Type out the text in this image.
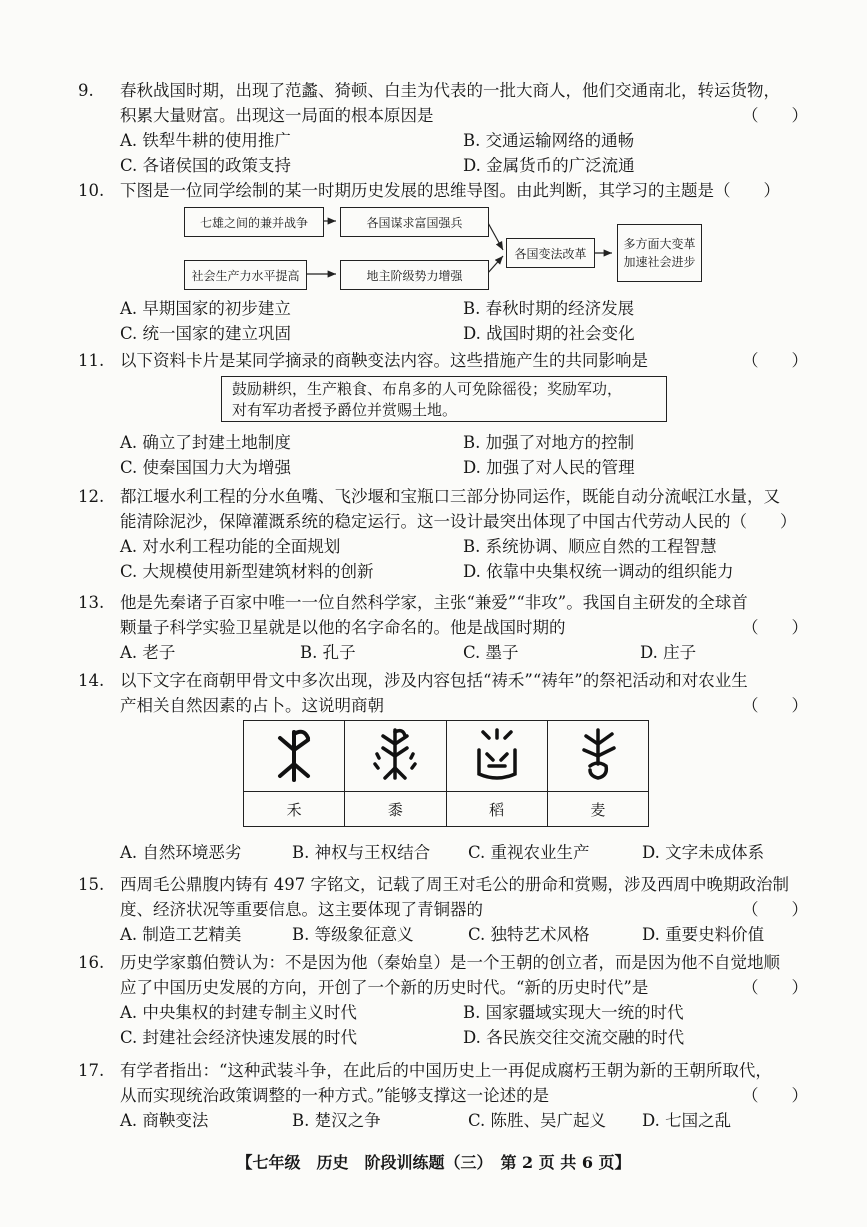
9.	春秋战国时期，出现了范蠡、猗顿、白圭为代表的一批大商人，他们交通南北，转运货物，
积累大量财富。出现这一局面的根本原因是	（　　）
A. 铁犁牛耕的使用推广	B. 交通运输网络的通畅
C. 各诸侯国的政策支持	D. 金属货币的广泛流通
10. 下图是一位同学绘制的某一时期历史发展的思维导图。由此判断，其学习的主题是（　　）
七雄之间的兼并战争	各国谋求富国强兵
社会生产力水平提高	地主阶级势力增强
各国变法改革
多方面大变革
加速社会进步
A. 早期国家的初步建立	B. 春秋时期的经济发展
C. 统一国家的建立巩固	D. 战国时期的社会变化
11. 以下资料卡片是某同学摘录的商鞅变法内容。这些措施产生的共同影响是	（　　）
鼓励耕织，生产粮食、布帛多的人可免除徭役；奖励军功，
对有军功者授予爵位并赏赐土地。
A. 确立了封建土地制度	B. 加强了对地方的控制
C. 使秦国国力大为增强	D. 加强了对人民的管理
12. 都江堰水利工程的分水鱼嘴、飞沙堰和宝瓶口三部分协同运作，既能自动分流岷江水量，又
能清除泥沙，保障灌溉系统的稳定运行。这一设计最突出体现了中国古代劳动人民的（　　）
A. 对水利工程功能的全面规划	B. 系统协调、顺应自然的工程智慧
C. 大规模使用新型建筑材料的创新	D. 依靠中央集权统一调动的组织能力
13. 他是先秦诸子百家中唯一一位自然科学家，主张“兼爱”“非攻”。我国自主研发的全球首
颗量子科学实验卫星就是以他的名字命名的。他是战国时期的	（　　）
A. 老子	B. 孔子	C. 墨子	D. 庄子
14. 以下文字在商朝甲骨文中多次出现，涉及内容包括“祷禾”“祷年”的祭祀活动和对农业生
产相关自然因素的占卜。这说明商朝	（　　）

禾	黍	稻	麦
A. 自然环境恶劣	B. 神权与王权结合 C. 重视农业生产	D. 文字未成体系
15. 西周毛公鼎腹内铸有 497 字铭文，记载了周王对毛公的册命和赏赐，涉及西周中晚期政治制
度、经济状况等重要信息。这主要体现了青铜器的	（　　）
A. 制造工艺精美	B. 等级象征意义	C. 独特艺术风格	D. 重要史料价值
16. 历史学家翦伯赞认为：不是因为他（秦始皇）是一个王朝的创立者，而是因为他不自觉地顺
应了中国历史发展的方向，开创了一个新的历史时代。“新的历史时代”是	（　　）
A. 中央集权的封建专制主义时代	B. 国家疆域实现大一统的时代
C. 封建社会经济快速发展的时代	D. 各民族交往交流交融的时代
17. 有学者指出：“这种武装斗争，在此后的中国历史上一再促成腐朽王朝为新的王朝所取代，
从而实现统治政策调整的一种方式。”能够支撑这一论述的是	（　　）
A. 商鞅变法	B. 楚汉之争	C. 陈胜、吴广起义 D. 七国之乱
【七年级　历史　阶段训练题（三）　第 2 页 共 6 页】
